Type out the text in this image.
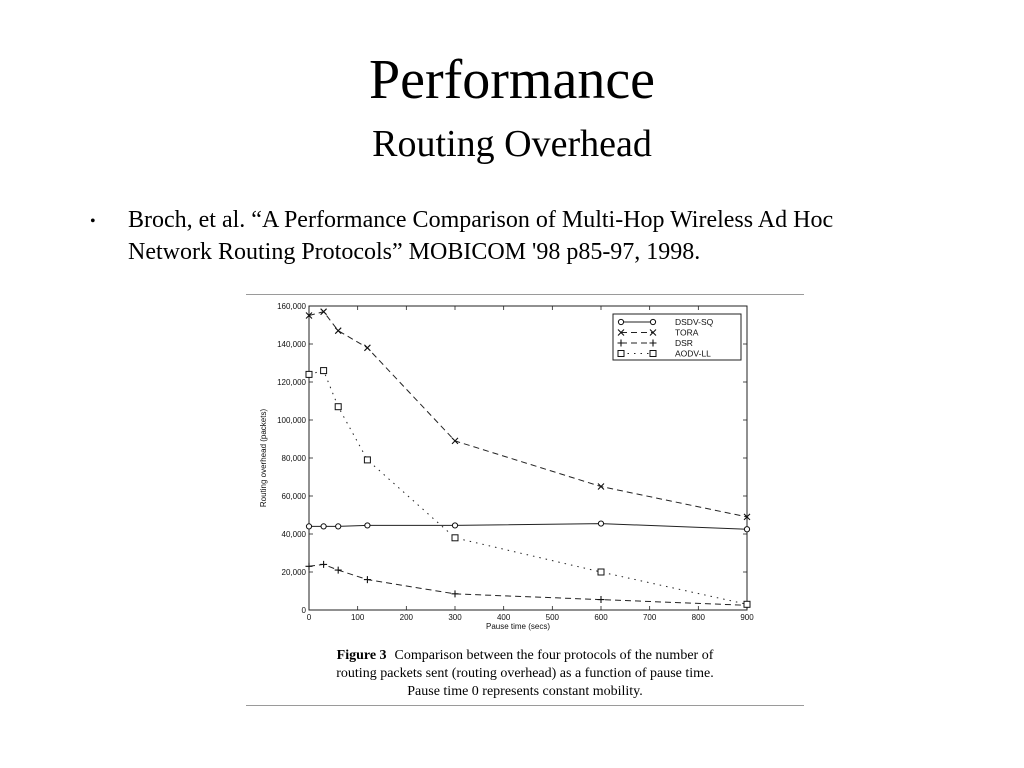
Performance
Routing Overhead
• Broch, et al. “A Performance Comparison of Multi-Hop Wireless Ad Hoc Network Routing Protocols” MOBICOM '98 p85-97, 1998.
Pause time (secs)
Routing overhead (packets)
0	100	200	300	400	500	600	700	800	900
0
20,000
40,000
60,000
80,000
100,000
120,000
140,000
160,000
DSDV-SQ
TORA
DSR
AODV-LL
Figure 3 Comparison between the four protocols of the number of
routing packets sent (routing overhead) as a function of pause time.
Pause time 0 represents constant mobility.
